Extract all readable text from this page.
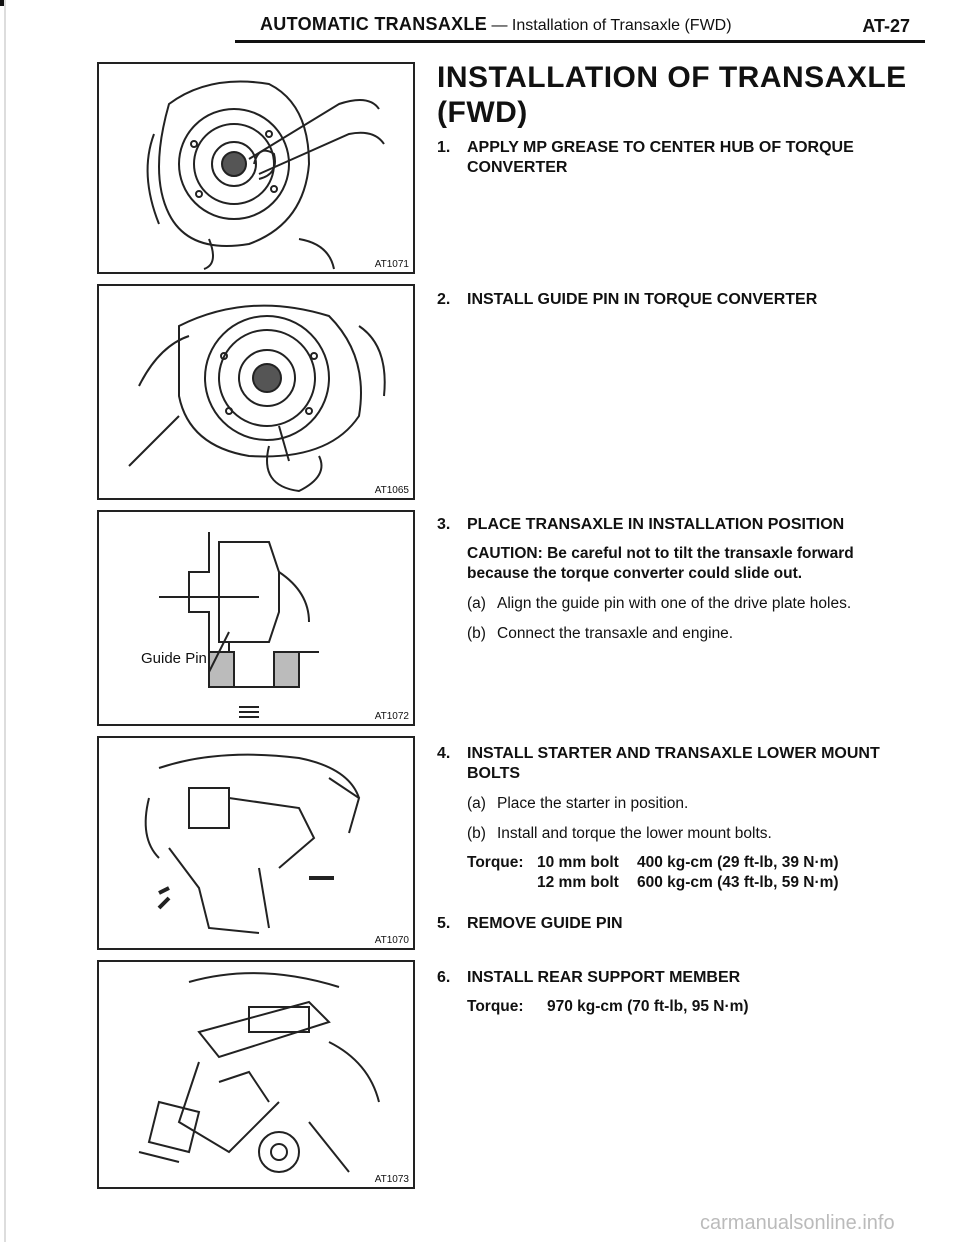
AUTOMATIC TRANSAXLE — Installation of Transaxle (FWD)	AT-27
AT1071
AT1065
Guide Pin
AT1072
AT1070
AT1073
INSTALLATION OF TRANSAXLE (FWD)
1. APPLY MP GREASE TO CENTER HUB OF TORQUE CONVERTER
2. INSTALL GUIDE PIN IN TORQUE CONVERTER
3. PLACE TRANSAXLE IN INSTALLATION POSITION
CAUTION: Be careful not to tilt the transaxle forward because the torque converter could slide out.
(a) Align the guide pin with one of the drive plate holes.
(b) Connect the transaxle and engine.
4. INSTALL STARTER AND TRANSAXLE LOWER MOUNT BOLTS
(a) Place the starter in position.
(b) Install and torque the lower mount bolts.
Torque: 10 mm bolt 400 kg-cm (29 ft-lb, 39 N·m)
12 mm bolt 600 kg-cm (43 ft-lb, 59 N·m)
5. REMOVE GUIDE PIN
6. INSTALL REAR SUPPORT MEMBER
Torque: 970 kg-cm (70 ft-lb, 95 N·m)
carmanualsonline.info
